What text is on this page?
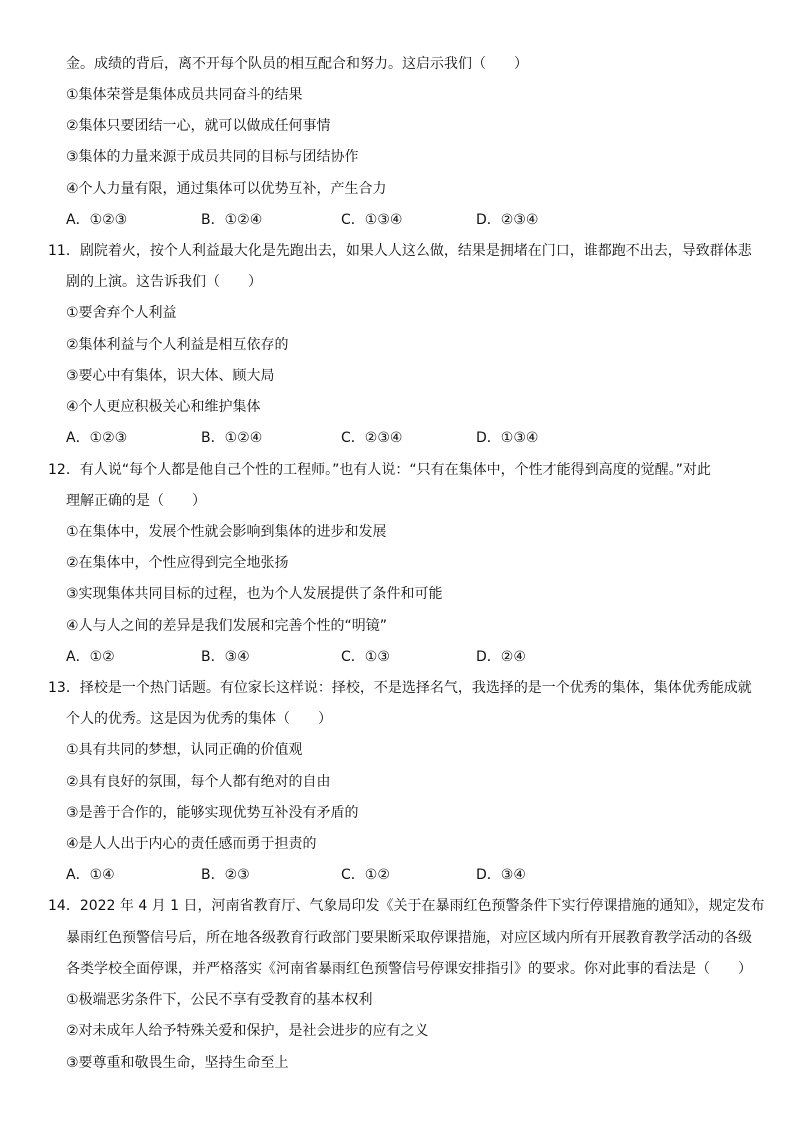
金。成绩的背后，离不开每个队员的相互配合和努力。这启示我们（　　）
①集体荣誉是集体成员共同奋斗的结果
②集体只要团结一心，就可以做成任何事情
③集体的力量来源于成员共同的目标与团结协作
④个人力量有限，通过集体可以优势互补，产生合力
A．①②③	B．①②④	C．①③④	D．②③④
11．剧院着火，按个人利益最大化是先跑出去，如果人人这么做，结果是拥堵在门口，谁都跑不出去，导致群体悲
剧的上演。这告诉我们（　　）
①要舍弃个人利益
②集体利益与个人利益是相互依存的
③要心中有集体，识大体、顾大局
④个人更应积极关心和维护集体
A．①②③	B．①②④	C．②③④	D．①③④
12．有人说“每个人都是他自己个性的工程师。”也有人说：“只有在集体中，个性才能得到高度的觉醒。”对此
理解正确的是（　　）
①在集体中，发展个性就会影响到集体的进步和发展
②在集体中，个性应得到完全地张扬
③实现集体共同目标的过程，也为个人发展提供了条件和可能
④人与人之间的差异是我们发展和完善个性的“明镜”
A．①②	B．③④	C．①③	D．②④
13．择校是一个热门话题。有位家长这样说：择校，不是选择名气，我选择的是一个优秀的集体，集体优秀能成就
个人的优秀。这是因为优秀的集体（　　）
①具有共同的梦想，认同正确的价值观
②具有良好的氛围，每个人都有绝对的自由
③是善于合作的，能够实现优势互补没有矛盾的
④是人人出于内心的责任感而勇于担责的
A．①④	B．②③	C．①②	D．③④
14．2022 年 4 月 1 日，河南省教育厅、气象局印发《关于在暴雨红色预警条件下实行停课措施的通知》，规定发布
暴雨红色预警信号后，所在地各级教育行政部门要果断采取停课措施，对应区域内所有开展教育教学活动的各级
各类学校全面停课，并严格落实《河南省暴雨红色预警信号停课安排指引》的要求。你对此事的看法是（　　）
①极端恶劣条件下，公民不享有受教育的基本权利
②对未成年人给予特殊关爱和保护，是社会进步的应有之义
③要尊重和敬畏生命，坚持生命至上
